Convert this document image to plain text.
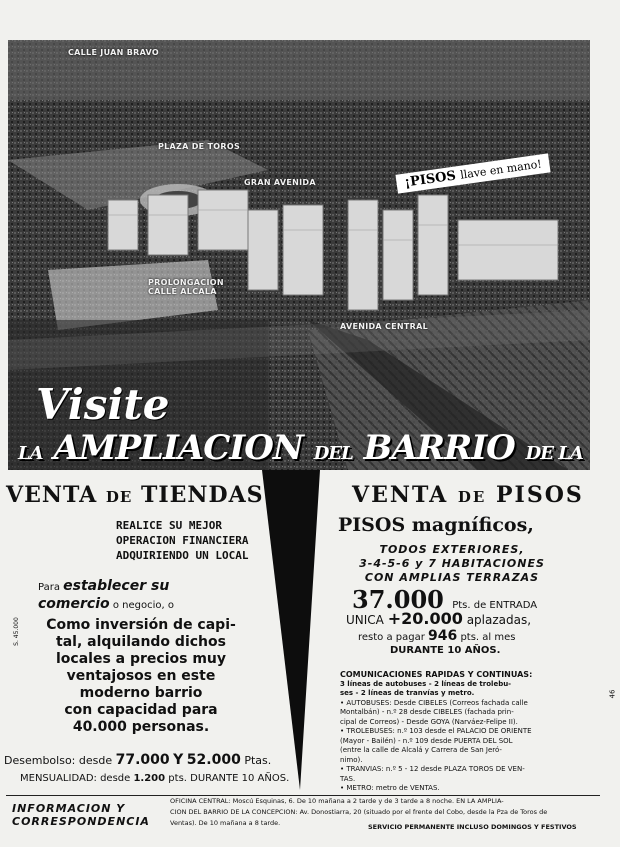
CALLE JUAN BRAVO
PLAZA DE TOROS
GRAN AVENIDA
PROLONGACION CALLE ALCALA
AVENIDA CENTRAL
¡PISOS llave en mano!
Visite
LA AMPLIACION DEL BARRIO DE LA
VENTA DE TIENDAS
REALICE SU MEJOR
OPERACION FINANCIERA
ADQUIRIENDO UN LOCAL
Para establecer su
comercio o negocio, o
Como inversión de capi-
tal, alquilando dichos
locales a precios muy
ventajosos en este
moderno barrio
con capacidad para
40.000 personas.
Desembolso: desde 77.000 Y 52.000 Ptas.
MENSUALIDAD: desde 1.200 pts. DURANTE 10 AÑOS.
VENTA DE PISOS
PISOS magníficos,
TODOS EXTERIORES,
3-4-5-6 y 7 HABITACIONES
CON AMPLIAS TERRAZAS
37.000 Pts. de ENTRADA
UNICA +20.000 aplazadas,
resto a pagar 946 pts. al mes
DURANTE 10 AÑOS.
COMUNICACIONES RAPIDAS Y CONTINUAS:
3 líneas de autobuses - 2 líneas de trolebu-
ses - 2 líneas de tranvías y metro.
• AUTOBUSES: Desde CIBELES (Correos fachada calle
Montalbán) - n.º 28 desde CIBELES (fachada prin-
cipal de Correos) - Desde GOYA (Narváez-Felipe II).
• TROLEBUSES: n.º 103 desde el PALACIO DE ORIENTE
(Mayor - Bailén) - n.º 109 desde PUERTA DEL SOL
(entre la calle de Alcalá y Carrera de San Jeró-
nimo).
• TRANVIAS: n.º 5 - 12 desde PLAZA TOROS DE VEN-
TAS.
• METRO: metro de VENTAS.
46
S. 45.000
INFORMACION Y
CORRESPONDENCIA
OFICINA CENTRAL: Moscú Esquinas, 6. De 10 mañana a 2 tarde y de 3 tarde a 8 noche. EN LA AMPLIA-
CION DEL BARRIO DE LA CONCEPCION: Av. Donostiarra, 20 (situado por el frente del Cobo, desde la Pza de Toros de
Ventas). De 10 mañana a 8 tarde.	SERVICIO PERMANENTE INCLUSO DOMINGOS Y FESTIVOS
